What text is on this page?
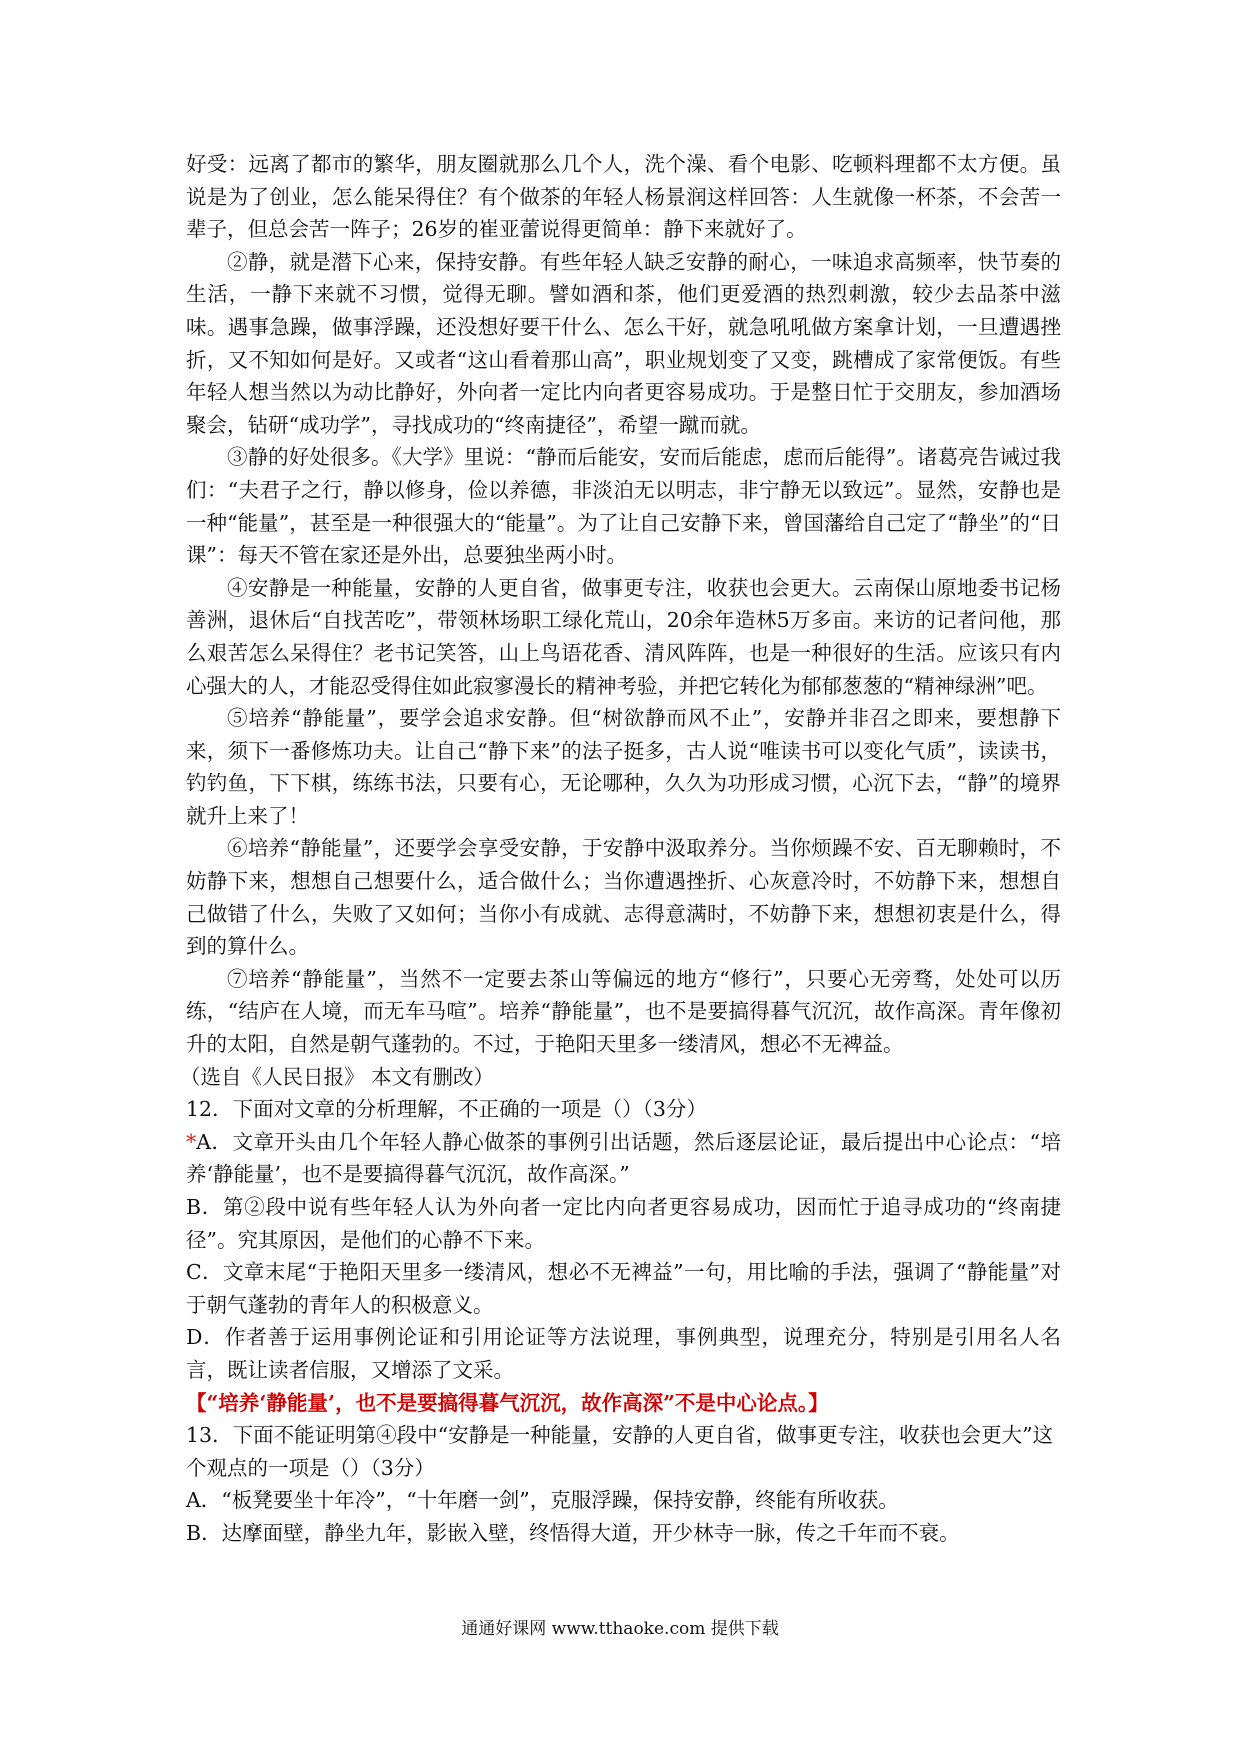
好受：远离了都市的繁华，朋友圈就那么几个人，洗个澡、看个电影、吃顿料理都不太方便。虽说是为了创业，怎么能呆得住？有个做茶的年轻人杨景润这样回答：人生就像一杯茶，不会苦一辈子，但总会苦一阵子；26岁的崔亚蕾说得更简单：静下来就好了。

②静，就是潜下心来，保持安静。有些年轻人缺乏安静的耐心，一味追求高频率，快节奏的生活，一静下来就不习惯，觉得无聊。譬如酒和茶，他们更爱酒的热烈刺激，较少去品茶中滋味。遇事急躁，做事浮躁，还没想好要干什么、怎么干好，就急吼吼做方案拿计划，一旦遭遇挫折，又不知如何是好。又或者“这山看着那山高”，职业规划变了又变，跳槽成了家常便饭。有些年轻人想当然以为动比静好，外向者一定比内向者更容易成功。于是整日忙于交朋友，参加酒场聚会，钻研“成功学”，寻找成功的“终南捷径”，希望一蹴而就。

③静的好处很多。《大学》里说：“静而后能安，安而后能虑，虑而后能得”。诸葛亮告诫过我们：“夫君子之行，静以修身，俭以养德，非淡泊无以明志，非宁静无以致远”。显然，安静也是一种“能量”，甚至是一种很强大的“能量”。为了让自己安静下来，曾国藩给自己定了“静坐”的“日课”：每天不管在家还是外出，总要独坐两小时。

④安静是一种能量，安静的人更自省，做事更专注，收获也会更大。云南保山原地委书记杨善洲，退休后“自找苦吃”，带领林场职工绿化荒山，20余年造林5万多亩。来访的记者问他，那么艰苦怎么呆得住？老书记笑答，山上鸟语花香、清风阵阵，也是一种很好的生活。应该只有内心强大的人，才能忍受得住如此寂寥漫长的精神考验，并把它转化为郁郁葱葱的“精神绿洲”吧。

⑤培养“静能量”，要学会追求安静。但“树欲静而风不止”，安静并非召之即来，要想静下来，须下一番修炼功夫。让自己“静下来”的法子挺多，古人说“唯读书可以变化气质”，读读书，钓钓鱼，下下棋，练练书法，只要有心，无论哪种，久久为功形成习惯，心沉下去，“静”的境界就升上来了！

⑥培养“静能量”，还要学会享受安静，于安静中汲取养分。当你烦躁不安、百无聊赖时，不妨静下来，想想自己想要什么，适合做什么；当你遭遇挫折、心灰意冷时，不妨静下来，想想自己做错了什么，失败了又如何；当你小有成就、志得意满时，不妨静下来，想想初衷是什么，得到的算什么。

⑦培养“静能量”，当然不一定要去茶山等偏远的地方“修行”，只要心无旁骛，处处可以历练，“结庐在人境，而无车马喧”。培养“静能量”，也不是要搞得暮气沉沉，故作高深。青年像初升的太阳，自然是朝气蓬勃的。不过，于艳阳天里多一缕清风，想必不无裨益。

（选自《人民日报》 本文有删改）

12．下面对文章的分析理解，不正确的一项是（）（3分）

*A．文章开头由几个年轻人静心做茶的事例引出话题，然后逐层论证，最后提出中心论点：“培养‘静能量’，也不是要搞得暮气沉沉，故作高深。”

B．第②段中说有些年轻人认为外向者一定比内向者更容易成功，因而忙于追寻成功的“终南捷径”。究其原因，是他们的心静不下来。

C．文章末尾“于艳阳天里多一缕清风，想必不无裨益”一句，用比喻的手法，强调了“静能量”对于朝气蓬勃的青年人的积极意义。

D．作者善于运用事例论证和引用论证等方法说理，事例典型，说理充分，特别是引用名人名言，既让读者信服，又增添了文采。

【“培养‘静能量’，也不是要搞得暮气沉沉，故作高深”不是中心论点。】

13．下面不能证明第④段中“安静是一种能量，安静的人更自省，做事更专注，收获也会更大”这个观点的一项是（）（3分）

A．“板凳要坐十年冷”，“十年磨一剑”，克服浮躁，保持安静，终能有所收获。

B．达摩面壁，静坐九年，影嵌入壁，终悟得大道，开少林寺一脉，传之千年而不衰。

通通好课网 www.tthaoke.com 提供下载
